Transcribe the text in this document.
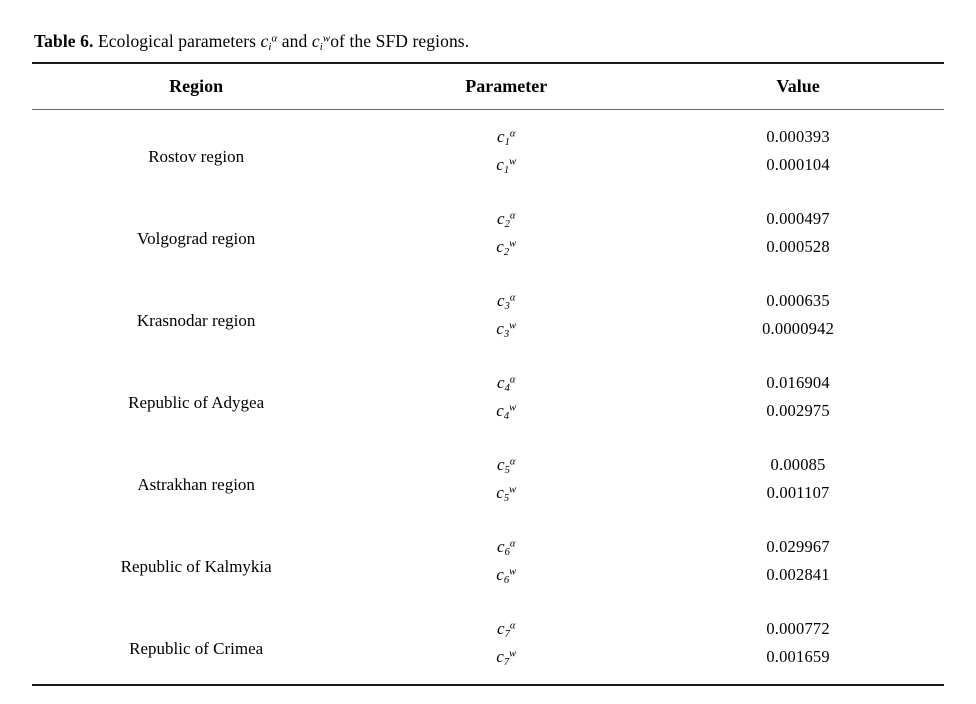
Table 6. Ecological parameters $c_i^\alpha$ and $c_i^wof$ the SFD regions.
Region	Parameter	Value
Rostov region	$c_1^\alpha$	0.000393
	$c_1^w$	0.000104
Volgograd region	$c_2^\alpha$	0.000497
	$c_2^w$	0.000528
Krasnodar region	$c_3^\alpha$	0.000635
	$c_3^w$	0.0000942
Republic of Adygea	$c_4^\alpha$	0.016904
	$c_4^w$	0.002975
Astrakhan region	$c_5^\alpha$	0.00085
	$c_5^w$	0.001107
Republic of Kalmykia	$c_6^\alpha$	0.029967
	$c_6^w$	0.002841
Republic of Crimea	$c_7^\alpha$	0.000772
	$c_7^w$	0.001659
